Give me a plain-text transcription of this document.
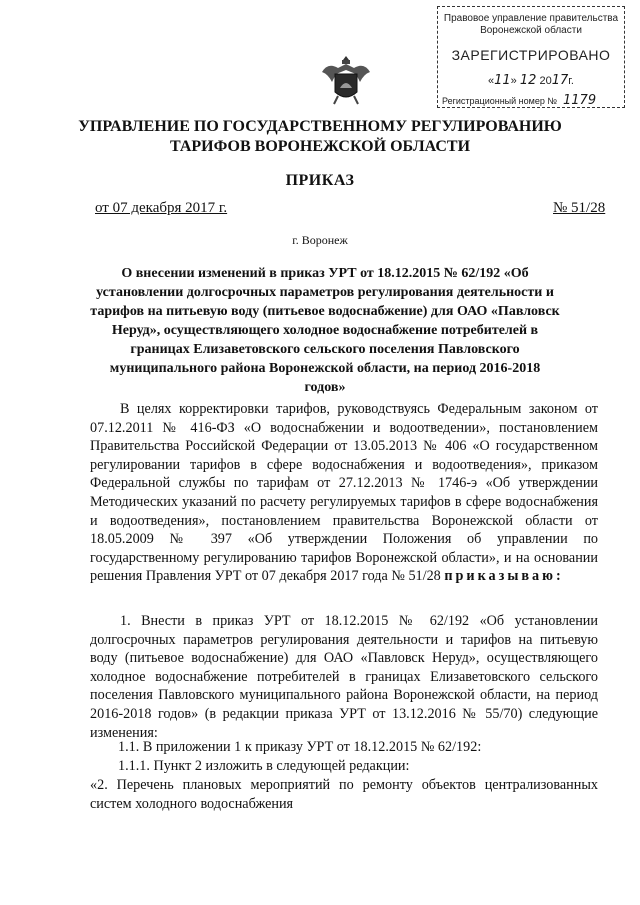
Правовое управление правительства
Воронежской области
ЗАРЕГИСТРИРОВАНО
«11» 12 2017г.
Регистрационный номер № 1179
УПРАВЛЕНИЕ ПО ГОСУДАРСТВЕННОМУ РЕГУЛИРОВАНИЮ
ТАРИФОВ ВОРОНЕЖСКОЙ ОБЛАСТИ
ПРИКАЗ
от 07 декабря 2017 г.	№ 51/28
г. Воронеж

О внесении изменений в приказ УРТ от 18.12.2015 № 62/192 «Об установлении долгосрочных параметров регулирования деятельности и тарифов на питьевую воду (питьевое водоснабжение) для ОАО «Павловск Неруд», осуществляющего холодное водоснабжение потребителей в границах Елизаветовского сельского поселения Павловского муниципального района Воронежской области, на период 2016-2018 годов»

В целях корректировки тарифов, руководствуясь Федеральным законом от 07.12.2011 № 416-ФЗ «О водоснабжении и водоотведении», постановлением Правительства Российской Федерации от 13.05.2013 № 406 «О государственном регулировании тарифов в сфере водоснабжения и водоотведения», приказом Федеральной службы по тарифам от 27.12.2013 № 1746-э «Об утверждении Методических указаний по расчету регулируемых тарифов в сфере водоснабжения и водоотведения», постановлением правительства Воронежской области от 18.05.2009 № 397 «Об утверждении Положения об управлении по государственному регулированию тарифов Воронежской области», и на основании решения Правления УРТ от 07 декабря 2017 года № 51/28 приказываю:

1. Внести в приказ УРТ от 18.12.2015 № 62/192 «Об установлении долгосрочных параметров регулирования деятельности и тарифов на питьевую воду (питьевое водоснабжение) для ОАО «Павловск Неруд», осуществляющего холодное водоснабжение потребителей в границах Елизаветовского сельского поселения Павловского муниципального района Воронежской области, на период 2016-2018 годов» (в редакции приказа УРТ от 13.12.2016 № 55/70) следующие изменения:

1.1. В приложении 1 к приказу УРТ от 18.12.2015 № 62/192:

1.1.1. Пункт 2 изложить в следующей редакции:

«2. Перечень плановых мероприятий по ремонту объектов централизованных систем холодного водоснабжения
